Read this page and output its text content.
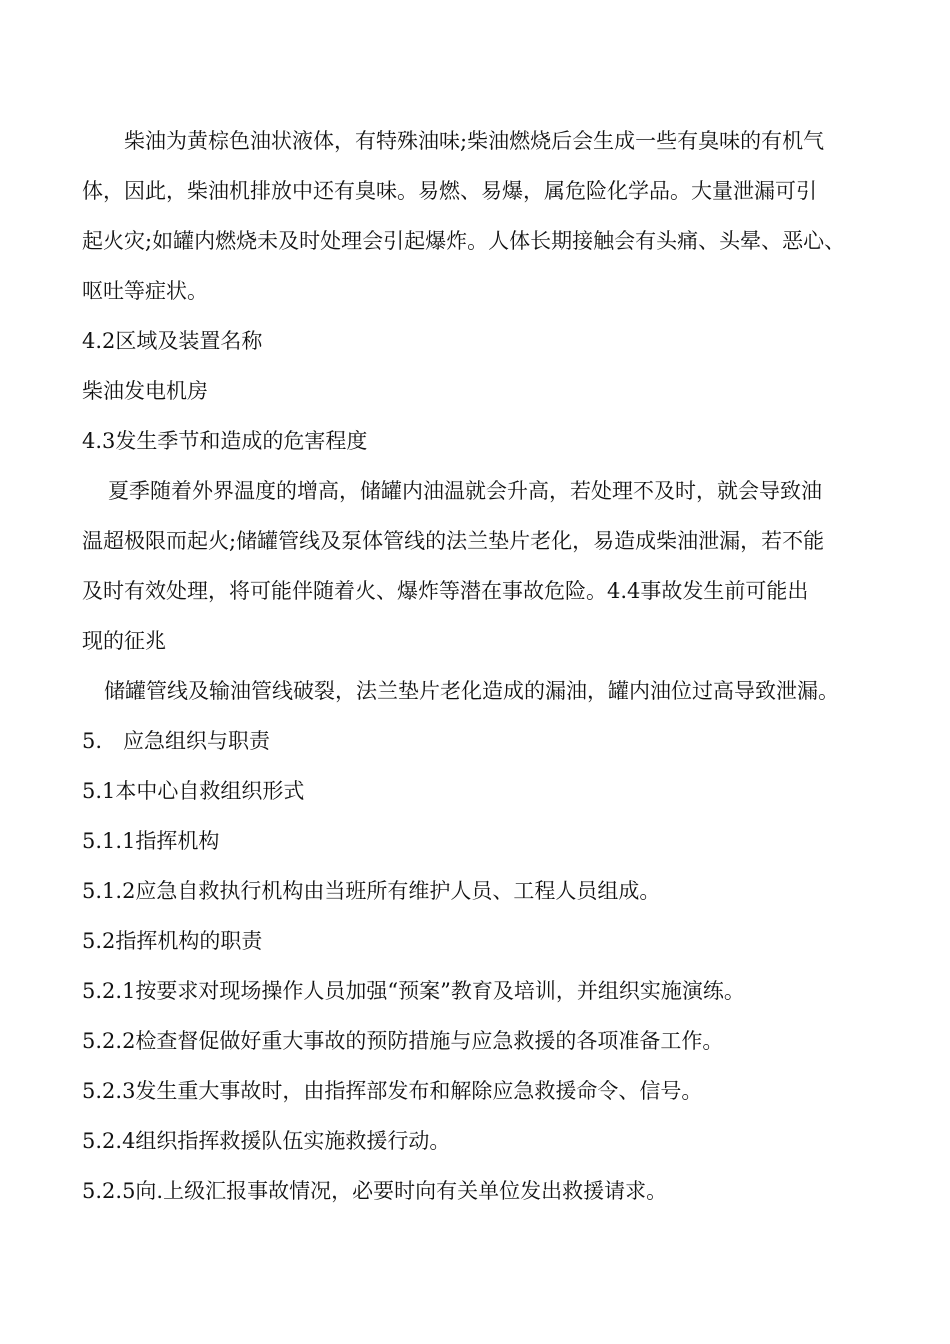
柴油为黄棕色油状液体，有特殊油味;柴油燃烧后会生成一些有臭味的有机气

体，因此，柴油机排放中还有臭味。易燃、易爆，属危险化学品。大量泄漏可引

起火灾;如罐内燃烧未及时处理会引起爆炸。人体长期接触会有头痛、头晕、恶心、

呕吐等症状。

4.2区域及装置名称

柴油发电机房

4.3发生季节和造成的危害程度

夏季随着外界温度的增高，储罐内油温就会升高，若处理不及时，就会导致油

温超极限而起火;储罐管线及泵体管线的法兰垫片老化，易造成柴油泄漏，若不能

及时有效处理，将可能伴随着火、爆炸等潜在事故危险。4.4事故发生前可能出

现的征兆

储罐管线及输油管线破裂，法兰垫片老化造成的漏油，罐内油位过高导致泄漏。

5.　应急组织与职责

5.1本中心自救组织形式

5.1.1指挥机构

5.1.2应急自救执行机构由当班所有维护人员、工程人员组成。

5.2指挥机构的职责

5.2.1按要求对现场操作人员加强“预案”教育及培训，并组织实施演练。

5.2.2检查督促做好重大事故的预防措施与应急救援的各项准备工作。

5.2.3发生重大事故时，由指挥部发布和解除应急救援命令、信号。

5.2.4组织指挥救援队伍实施救援行动。

5.2.5向.上级汇报事故情况，必要时向有关单位发出救援请求。
